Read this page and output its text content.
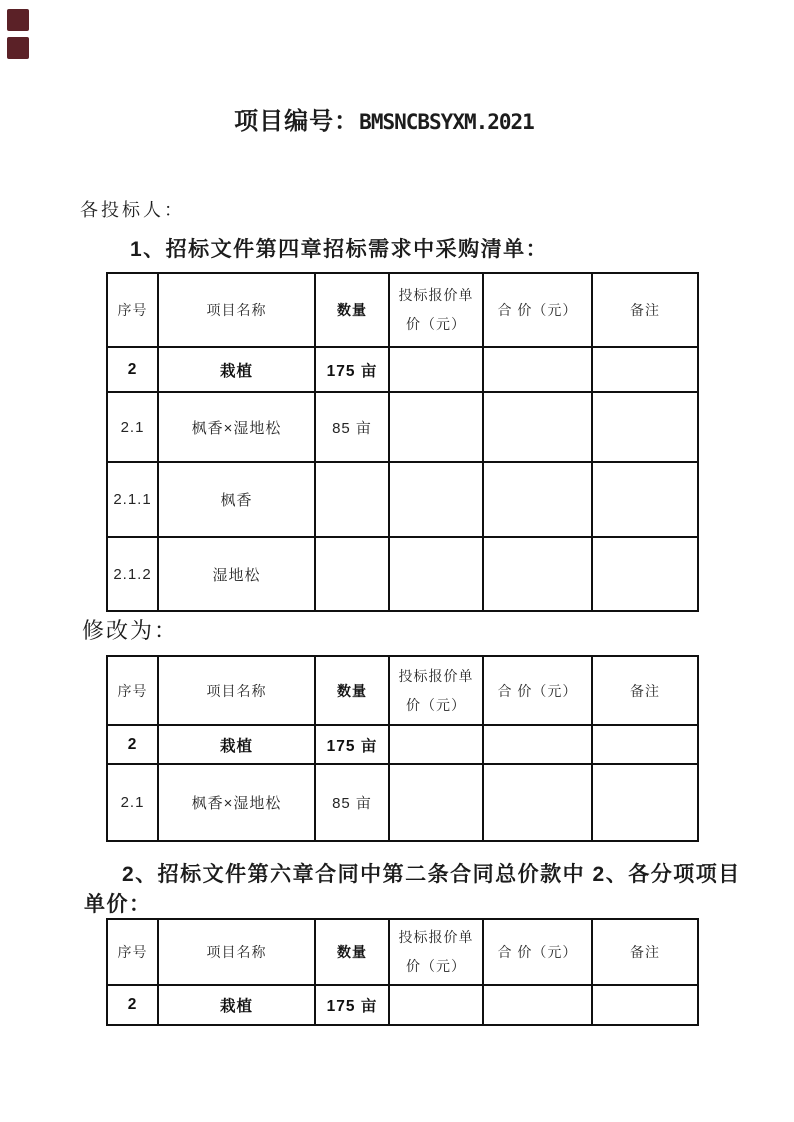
项目编号：BMSNCBSYXM.2021
各投标人：
1、招标文件第四章招标需求中采购清单：
序号	项目名称	数量	投标报价单价（元）	合 价（元）	备注
2	栽植	175 亩			
2.1	枫香×湿地松	85 亩			
2.1.1	枫香				
2.1.2	湿地松				
修改为：
序号	项目名称	数量	投标报价单价（元）	合 价（元）	备注
2	栽植	175 亩			
2.1	枫香×湿地松	85 亩			
2、招标文件第六章合同中第二条合同总价款中 2、各分项项目
单价：
序号	项目名称	数量	投标报价单价（元）	合 价（元）	备注
2	栽植	175 亩			
